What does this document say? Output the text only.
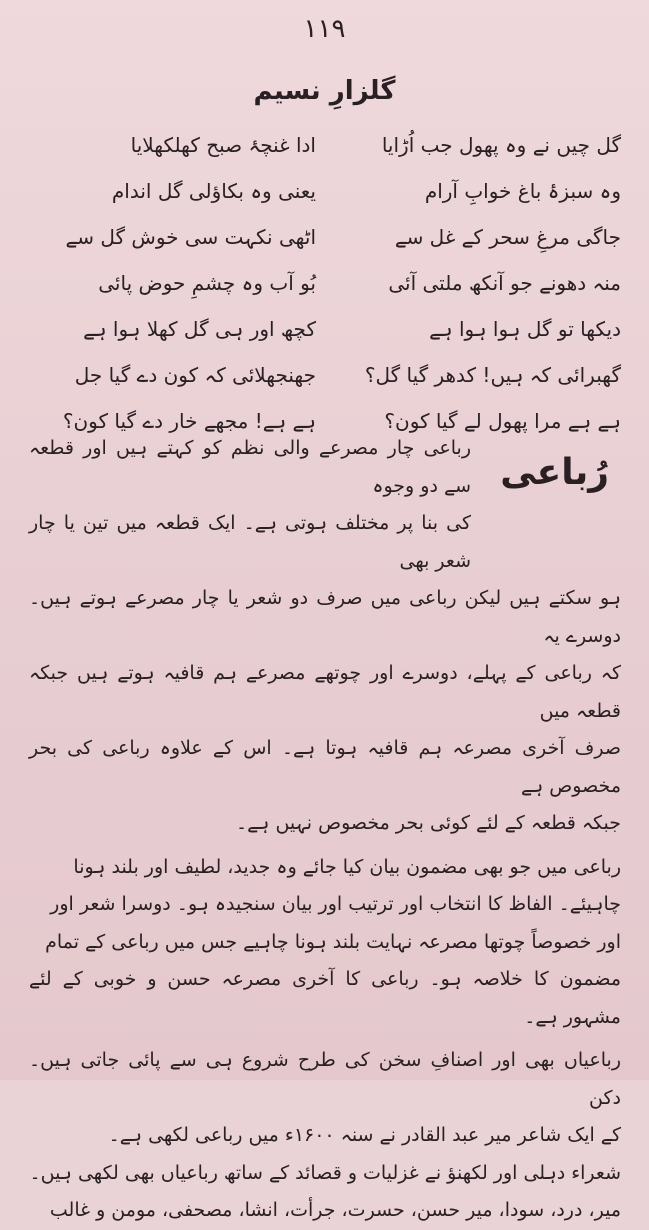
۱۱۹
گلزارِ نسیم
گل چیں نے وہ پھول جب اُڑایا
ادا غنچۂ صبح کھلکھلایا
وہ سبزۂ باغ خوابِ آرام
یعنی وہ بکاؤلی گل اندام
جاگی مرغِ سحر کے غل سے
اٹھی نکہت سی خوش گل سے
منہ دھونے جو آنکھ ملتی آئی
بُو آب وہ چشمِ حوض پائی
دیکھا تو گل ہوا ہوا ہے
کچھ اور ہی گل کھلا ہوا ہے
گھبرائی کہ ہیں! کدھر گیا گل؟
جھنجھلائی کہ کون دے گیا جل
ہے ہے مرا پھول لے گیا کون؟
ہے ہے! مجھے خار دے گیا کون؟
رُباعی

رباعی چار مصرعے والی نظم کو کہتے ہیں اور قطعہ سے دو وجوہ

کی بنا پر مختلف ہوتی ہے۔ ایک قطعہ میں تین یا چار شعر بھی

ہو سکتے ہیں لیکن رباعی میں صرف دو شعر یا چار مصرعے ہوتے ہیں۔ دوسرے یہ

کہ رباعی کے پہلے، دوسرے اور چوتھے مصرعے ہم قافیہ ہوتے ہیں جبکہ قطعہ میں

صرف آخری مصرعہ ہم قافیہ ہوتا ہے۔ اس کے علاوہ رباعی کی بحر مخصوص ہے

جبکہ قطعہ کے لئے کوئی بحر مخصوص نہیں ہے۔

رباعی میں جو بھی مضمون بیان کیا جائے وہ جدید، لطیف اور بلند ہونا

چاہیئے۔ الفاظ کا انتخاب اور ترتیب اور بیان سنجیدہ ہو۔ دوسرا شعر اور

اور خصوصاً چوتھا مصرعہ نہایت بلند ہونا چاہیے جس میں رباعی کے تمام

مضمون کا خلاصہ ہو۔ رباعی کا آخری مصرعہ حسن و خوبی کے لئے مشہور ہے۔

رباعیاں بھی اور اصنافِ سخن کی طرح شروع ہی سے پائی جاتی ہیں۔ دکن

کے ایک شاعر میر عبد القادر نے سنہ ۱۶۰۰ء میں رباعی لکھی ہے۔

شعراء دہلی اور لکھنؤ نے غزلیات و قصائد کے ساتھ رباعیاں بھی لکھی ہیں۔

میر، درد، سودا، میر حسن، حسرت، جرأت، انشا، مصحفی، مومن و غالب
